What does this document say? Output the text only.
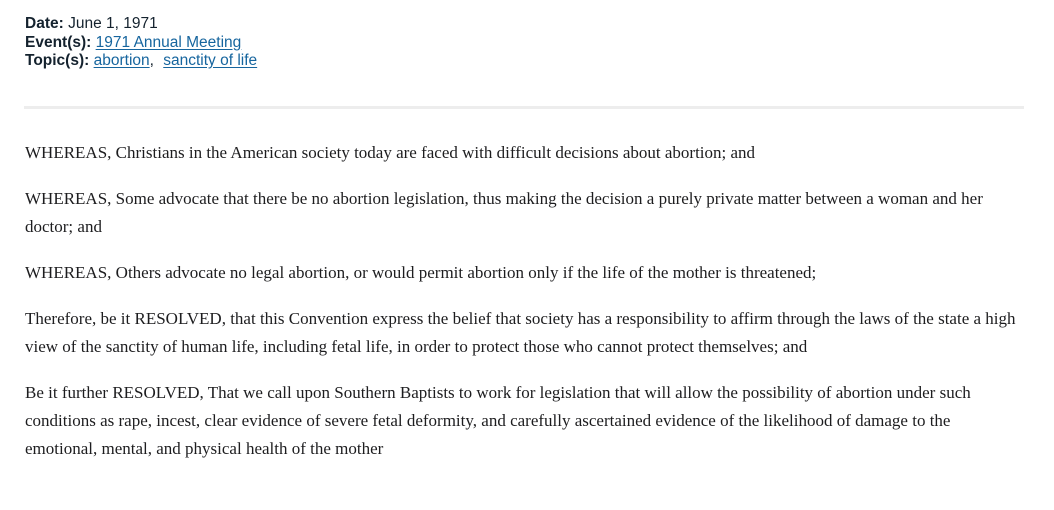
Date: June 1, 1971
Event(s): 1971 Annual Meeting
Topic(s): abortion, sanctity of life

WHEREAS, Christians in the American society today are faced with difficult decisions about abortion; and

WHEREAS, Some advocate that there be no abortion legislation, thus making the decision a purely private matter between a woman and her doctor; and

WHEREAS, Others advocate no legal abortion, or would permit abortion only if the life of the mother is threatened;

Therefore, be it RESOLVED, that this Convention express the belief that society has a responsibility to affirm through the laws of the state a high view of the sanctity of human life, including fetal life, in order to protect those who cannot protect themselves; and

Be it further RESOLVED, That we call upon Southern Baptists to work for legislation that will allow the possibility of abortion under such conditions as rape, incest, clear evidence of severe fetal deformity, and carefully ascertained evidence of the likelihood of damage to the emotional, mental, and physical health of the mother
